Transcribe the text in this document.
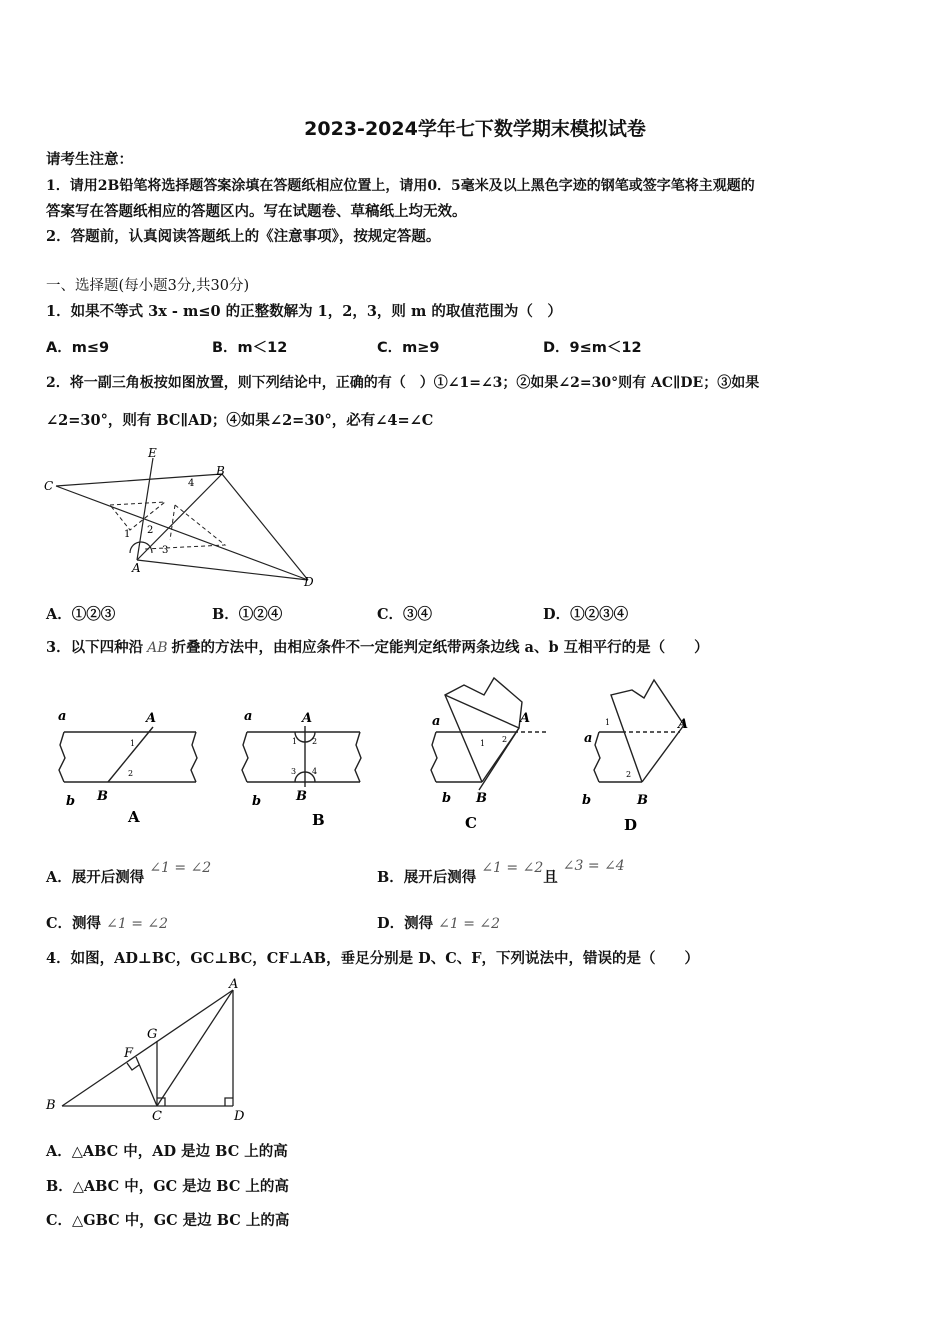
2023-2024学年七下数学期末模拟试卷
请考生注意：
1．请用2B铅笔将选择题答案涂填在答题纸相应位置上，请用0．5毫米及以上黑色字迹的钢笔或签字笔将主观题的
答案写在答题纸相应的答题区内。写在试题卷、草稿纸上均无效。
2．答题前，认真阅读答题纸上的《注意事项》，按规定答题。
一、选择题(每小题3分,共30分)
1．如果不等式 3x - m≤0 的正整数解为 1，2，3，则 m 的取值范围为（　）
A．m≤9	B．m＜12	C．m≥9	D．9≤m＜12
2．将一副三角板按如图放置，则下列结论中，正确的有（　）①∠1=∠3；②如果∠2=30°则有 AC∥DE；③如果
∠2=30°，则有 BC∥AD；④如果∠2=30°，必有∠4=∠C
E
B
C
A
D
1 2
3
4
A．①②③	B．①②④	C．③④	D．①②③④
3．以下四种沿 AB 折叠的方法中，由相应条件不一定能判定纸带两条边线 a、b 互相平行的是（　　）
a	A
b B
a	A
b	B
a	A
b B
a
A
b	B
1
2
1 2
3 4
1 2
1
2
A	B	C	D
A．展开后测得 ∠1 = ∠2
B．展开后测得 ∠1 = ∠2且 ∠3 = ∠4
C．测得 ∠1 = ∠2	D．测得 ∠1 = ∠2
4．如图，AD⊥BC，GC⊥BC，CF⊥AB，垂足分别是 D、C、F，下列说法中，错误的是（　　）
A
G
F
B
C	D
A．△ABC 中，AD 是边 BC 上的高
B．△ABC 中，GC 是边 BC 上的高
C．△GBC 中，GC 是边 BC 上的高
